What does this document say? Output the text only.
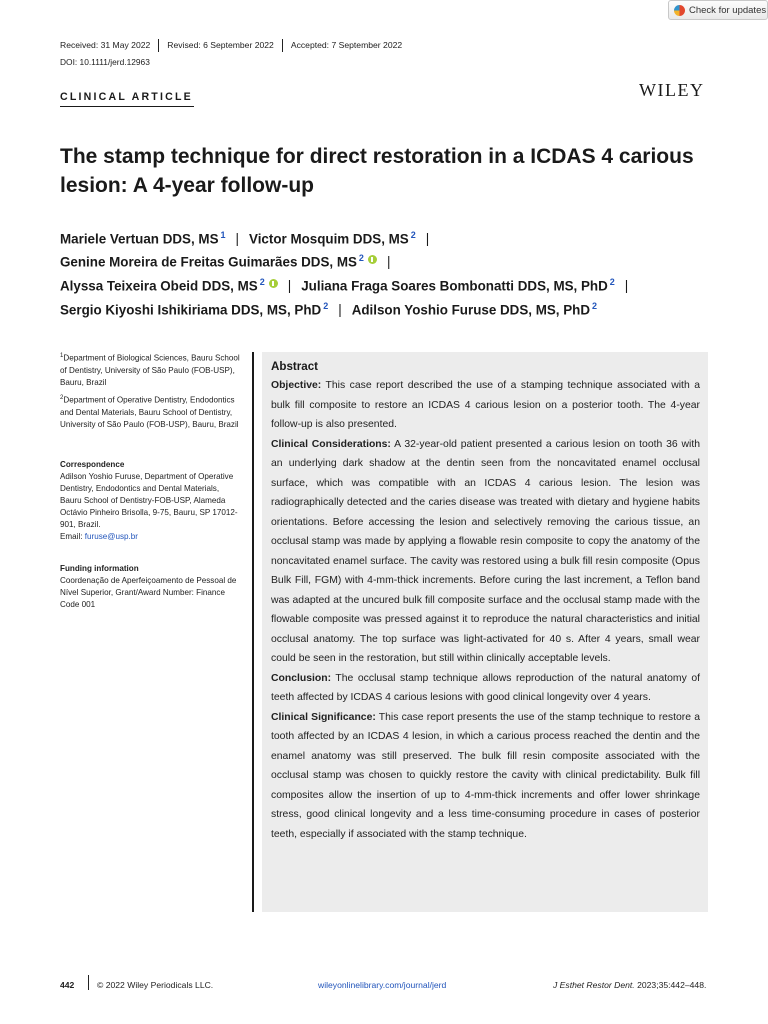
Check for updates
Received: 31 May 2022 Revised: 6 September 2022 Accepted: 7 September 2022
DOI: 10.1111/jerd.12963
CLINICAL ARTICLE	WILEY
The stamp technique for direct restoration in a ICDAS 4 carious lesion: A 4-year follow-up
Mariele Vertuan DDS, MS $^1$ | Victor Mosquim DDS, MS $^2$ |
Genine Moreira de Freitas Guimarães DDS, MS $^2$ |
Alyssa Teixeira Obeid DDS, MS $^2$ | Juliana Fraga Soares Bombonatti DDS, MS, PhD $^2$ |
Sergio Kiyoshi Ishikiriama DDS, MS, PhD $^2$ | Adilson Yoshio Furuse DDS, MS, PhD $^2$
$^1$Department of Biological Sciences, Bauru School of Dentistry, University of São Paulo (FOB-USP), Bauru, Brazil
$^2$Department of Operative Dentistry, Endodontics and Dental Materials, Bauru School of Dentistry, University of São Paulo (FOB-USP), Bauru, Brazil
Correspondence
Adilson Yoshio Furuse, Department of Operative Dentistry, Endodontics and Dental Materials, Bauru School of Dentistry-FOB-USP, Alameda Octávio Pinheiro Brisolla, 9-75, Bauru, SP 17012-901, Brazil.
Email: furuse@usp.br
Funding information
Coordenação de Aperfeiçoamento de Pessoal de Nível Superior, Grant/Award Number: Finance Code 001
Abstract

Objective: This case report described the use of a stamping technique associated with a bulk fill composite to restore an ICDAS 4 carious lesion on a posterior tooth. The 4-year follow-up is also presented.

Clinical Considerations: A 32-year-old patient presented a carious lesion on tooth 36 with an underlying dark shadow at the dentin seen from the noncavitated enamel occlusal surface, which was compatible with an ICDAS 4 carious lesion. The lesion was radiographically detected and the caries disease was treated with dietary and hygiene habits orientations. Before accessing the lesion and selectively removing the carious tissue, an occlusal stamp was made by applying a flowable resin composite to copy the anatomy of the noncavitated enamel surface. The cavity was restored using a bulk fill resin composite (Opus Bulk Fill, FGM) with 4-mm-thick increments. Before curing the last increment, a Teflon band was adapted at the uncured bulk fill composite surface and the occlusal stamp made with the flowable composite was pressed against it to reproduce the natural characteristics and initial occlusal anatomy. The top surface was light-activated for 40 s. After 4 years, small wear could be seen in the restoration, but still within clinically acceptable levels.

Conclusion: The occlusal stamp technique allows reproduction of the natural anatomy of teeth affected by ICDAS 4 carious lesions with good clinical longevity over 4 years.

Clinical Significance: This case report presents the use of the stamp technique to restore a tooth affected by an ICDAS 4 lesion, in which a carious process reached the dentin and the enamel anatomy was still preserved. The bulk fill resin composite associated with the occlusal stamp was chosen to quickly restore the cavity with clinical predictability. Bulk fill composites allow the insertion of up to 4-mm-thick increments and offer lower shrinkage stress, good clinical longevity and a less time-consuming procedure in cases of posterior teeth, especially if associated with the stamp technique.

442	© 2022 Wiley Periodicals LLC.	wileyonlinelibrary.com/journal/jerd	J Esthet Restor Dent. 2023;35:442–448.
